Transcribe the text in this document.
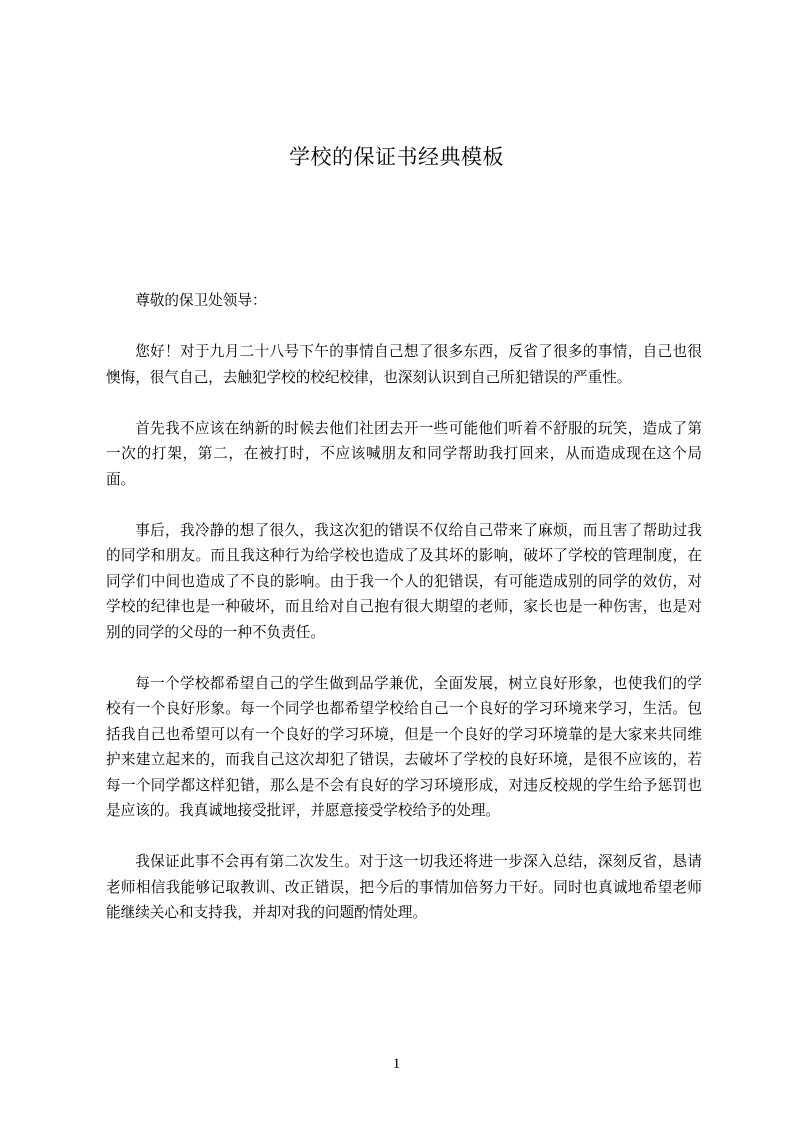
学校的保证书经典模板

尊敬的保卫处领导：

您好！对于九月二十八号下午的事情自己想了很多东西，反省了很多的事情，自己也很懊悔，很气自己，去触犯学校的校纪校律，也深刻认识到自己所犯错误的严重性。

首先我不应该在纳新的时候去他们社团去开一些可能他们听着不舒服的玩笑，造成了第一次的打架，第二，在被打时，不应该喊朋友和同学帮助我打回来，从而造成现在这个局面。

事后，我冷静的想了很久，我这次犯的错误不仅给自己带来了麻烦，而且害了帮助过我的同学和朋友。而且我这种行为给学校也造成了及其坏的影响，破坏了学校的管理制度，在同学们中间也造成了不良的影响。由于我一个人的犯错误，有可能造成别的同学的效仿，对学校的纪律也是一种破坏，而且给对自己抱有很大期望的老师，家长也是一种伤害，也是对别的同学的父母的一种不负责任。

每一个学校都希望自己的学生做到品学兼优，全面发展，树立良好形象，也使我们的学校有一个良好形象。每一个同学也都希望学校给自己一个良好的学习环境来学习，生活。包括我自己也希望可以有一个良好的学习环境，但是一个良好的学习环境靠的是大家来共同维护来建立起来的，而我自己这次却犯了错误，去破坏了学校的良好环境，是很不应该的，若每一个同学都这样犯错，那么是不会有良好的学习环境形成，对违反校规的学生给予惩罚也是应该的。我真诚地接受批评，并愿意接受学校给予的处理。

我保证此事不会再有第二次发生。对于这一切我还将进一步深入总结，深刻反省，恳请老师相信我能够记取教训、改正错误，把今后的事情加倍努力干好。同时也真诚地希望老师能继续关心和支持我，并却对我的问题酌情处理。

1
